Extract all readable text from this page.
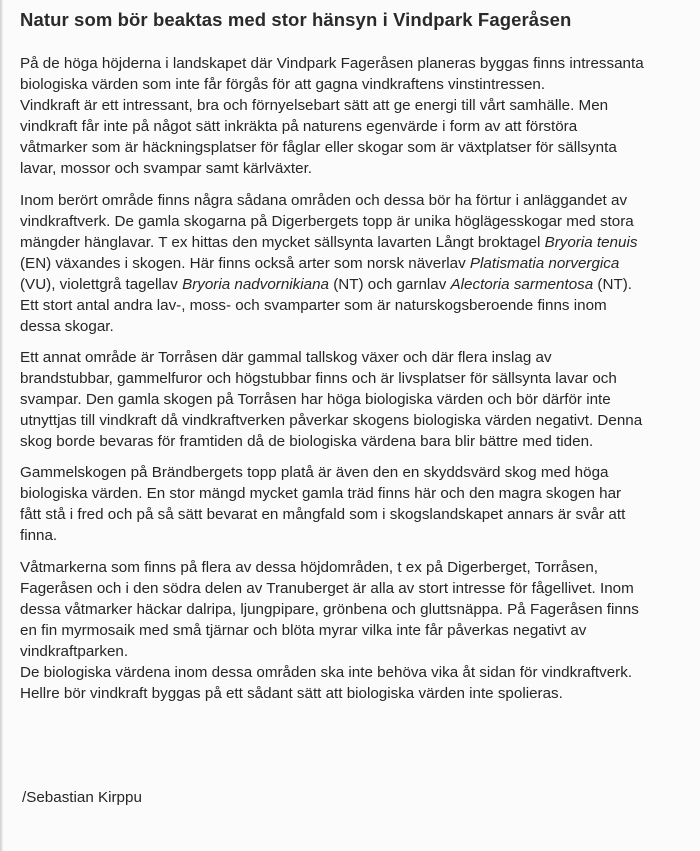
Natur som bör beaktas med stor hänsyn i Vindpark Fageråsen
På de höga höjderna i landskapet där Vindpark Fageråsen planeras byggas finns intressanta
biologiska värden som inte får förgås för att gagna vindkraftens vinstintressen.
Vindkraft är ett intressant, bra och förnyelsebart sätt att ge energi till vårt samhälle. Men
vindkraft får inte på något sätt inkräkta på naturens egenvärde i form av att förstöra
våtmarker som är häckningsplatser för fåglar eller skogar som är växtplatser för sällsynta
lavar, mossor och svampar samt kärlväxter.
Inom berört område finns några sådana områden och dessa bör ha förtur i anläggandet av
vindkraftverk. De gamla skogarna på Digerbergets topp är unika höglägesskogar med stora
mängder hänglavar. T ex hittas den mycket sällsynta lavarten Långt broktagel Bryoria tenuis
(EN) växandes i skogen. Här finns också arter som norsk näverlav Platismatia norvergica
(VU), violettgrå tagellav Bryoria nadvornikiana (NT) och garnlav Alectoria sarmentosa (NT).
Ett stort antal andra lav-, moss- och svamparter som är naturskogsberoende finns inom
dessa skogar.
Ett annat område är Torråsen där gammal tallskog växer och där flera inslag av
brandstubbar, gammelfuror och högstubbar finns och är livsplatser för sällsynta lavar och
svampar. Den gamla skogen på Torråsen har höga biologiska värden och bör därför inte
utnyttjas till vindkraft då vindkraftverken påverkar skogens biologiska värden negativt. Denna
skog borde bevaras för framtiden då de biologiska värdena bara blir bättre med tiden.
Gammelskogen på Brändbergets topp platå är även den en skyddsvärd skog med höga
biologiska värden. En stor mängd mycket gamla träd finns här och den magra skogen har
fått stå i fred och på så sätt bevarat en mångfald som i skogslandskapet annars är svår att
finna.
Våtmarkerna som finns på flera av dessa höjdområden, t ex på Digerberget, Torråsen,
Fageråsen och i den södra delen av Tranuberget är alla av stort intresse för fågellivet. Inom
dessa våtmarker häckar dalripa, ljungpipare, grönbena och gluttsnäppa. På Fageråsen finns
en fin myrmosaik med små tjärnar och blöta myrar vilka inte får påverkas negativt av
vindkraftparken.
De biologiska värdena inom dessa områden ska inte behöva vika åt sidan för vindkraftverk.
Hellre bör vindkraft byggas på ett sådant sätt att biologiska värden inte spolieras.
/Sebastian Kirppu
